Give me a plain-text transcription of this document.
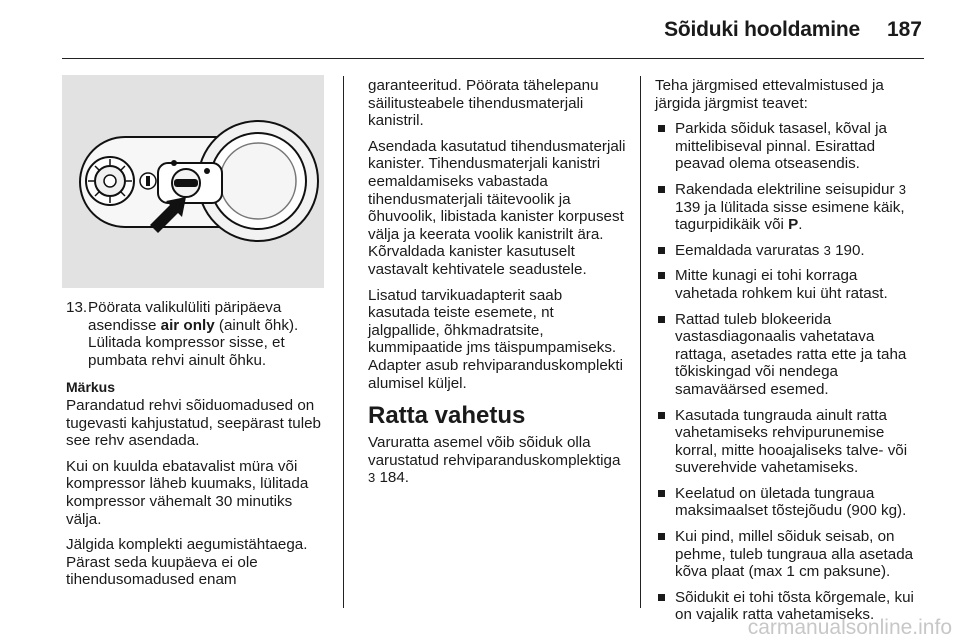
Sõiduki hooldamine	187
13. Pöörata valikulüliti päripäeva asendisse air only (ainult õhk). Lülitada kompressor sisse, et pumbata rehvi ainult õhku.
Märkus

Parandatud rehvi sõiduomadused on tugevasti kahjustatud, seepärast tuleb see rehv asendada.

Kui on kuulda ebatavalist müra või kompressor läheb kuumaks, lülitada kompressor vähemalt 30 minutiks välja.

Jälgida komplekti aegumistähtaega. Pärast seda kuupäeva ei ole tihendusomadused enam

garanteeritud. Pöörata tähelepanu säilitusteabele tihendusmaterjali kanistril.

Asendada kasutatud tihendusmaterjali kanister. Tihendusmaterjali kanistri eemaldamiseks vabastada tihendusmaterjali täitevoolik ja õhuvoolik, libistada kanister korpusest välja ja keerata voolik kanistrilt ära. Kõrvaldada kanister kasutuselt vastavalt kehtivatele seadustele.

Lisatud tarvikuadapterit saab kasutada teiste esemete, nt jalgpallide, õhkmadratsite, kummipaatide jms täispumpamiseks. Adapter asub rehviparanduskomplekti alumisel küljel.

Ratta vahetus

Varuratta asemel võib sõiduk olla varustatud rehviparanduskomplektiga 3 184.

Teha järgmised ettevalmistused ja järgida järgmist teavet:

Parkida sõiduk tasasel, kõval ja mittelibiseval pinnal. Esirattad peavad olema otseasendis.
Rakendada elektriline seisupidur 3 139 ja lülitada sisse esimene käik, tagurpidikäik või P.
Eemaldada varuratas 3 190.
Mitte kunagi ei tohi korraga vahetada rohkem kui üht ratast.
Rattad tuleb blokeerida vastasdiagonaalis vahetatava rattaga, asetades ratta ette ja taha tõkiskingad või nendega samaväärsed esemed.
Kasutada tungrauda ainult ratta vahetamiseks rehvipurunemise korral, mitte hooajaliseks talve- või suverehvide vahetamiseks.
Keelatud on ületada tungraua maksimaalset tõstejõudu (900 kg).
Kui pind, millel sõiduk seisab, on pehme, tuleb tungraua alla asetada kõva plaat (max 1 cm paksune).
Sõidukit ei tohi tõsta kõrgemale, kui on vajalik ratta vahetamiseks.
carmanualsonline.info
